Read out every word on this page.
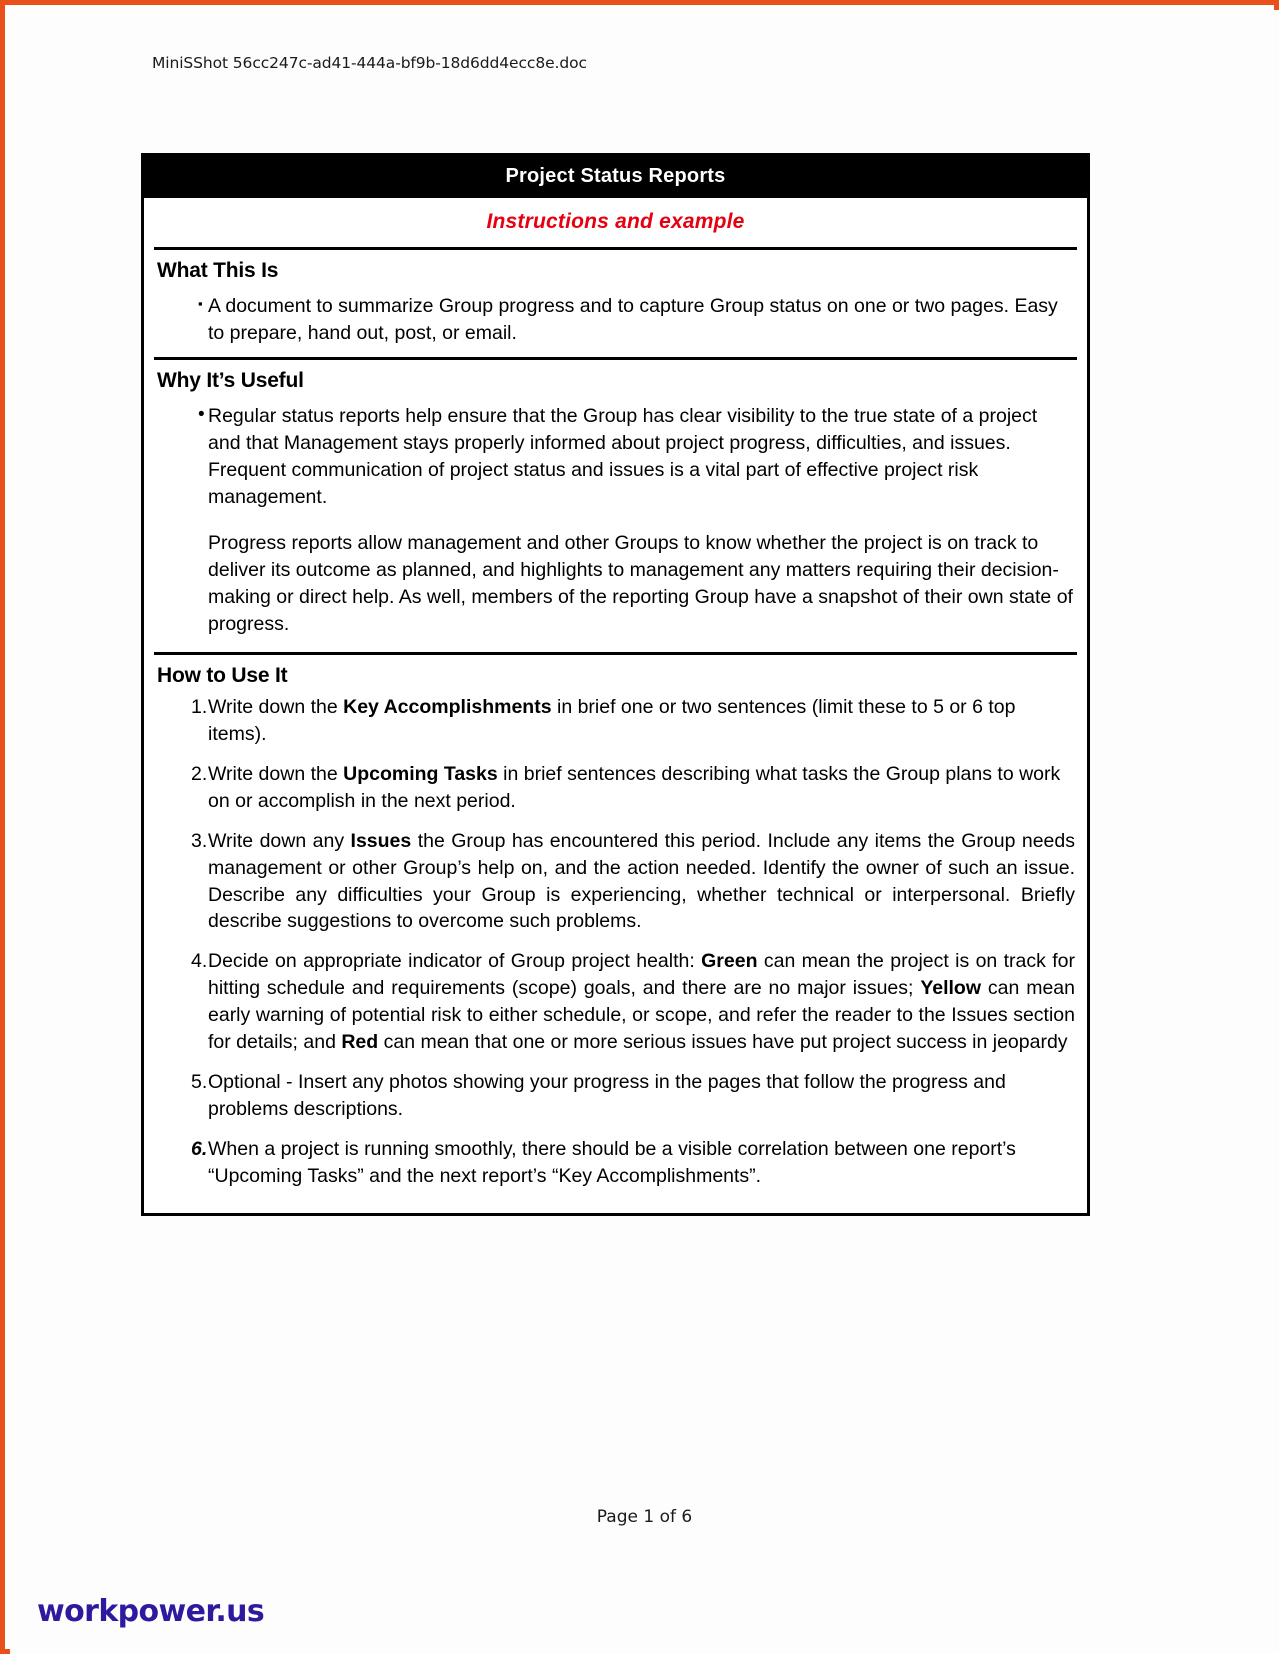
MiniSShot 56cc247c-ad41-444a-bf9b-18d6dd4ecc8e.doc
Project Status Reports
Instructions and example
What This Is
▪ A document to summarize Group progress and to capture Group status on one or two pages. Easy to prepare, hand out, post, or email.
Why It’s Useful
• Regular status reports help ensure that the Group has clear visibility to the true state of a project and that Management stays properly informed about project progress, difficulties, and issues. Frequent communication of project status and issues is a vital part of effective project risk management.
Progress reports allow management and other Groups to know whether the project is on track to deliver its outcome as planned, and highlights to management any matters requiring their decision-making or direct help. As well, members of the reporting Group have a snapshot of their own state of progress.
How to Use It
1. Write down the Key Accomplishments in brief one or two sentences (limit these to 5 or 6 top items).
2. Write down the Upcoming Tasks in brief sentences describing what tasks the Group plans to work on or accomplish in the next period.
3. Write down any Issues the Group has encountered this period. Include any items the Group needs management or other Group’s help on, and the action needed. Identify the owner of such an issue. Describe any difficulties your Group is experiencing, whether technical or interpersonal. Briefly describe suggestions to overcome such problems.
4. Decide on appropriate indicator of Group project health: Green can mean the project is on track for hitting schedule and requirements (scope) goals, and there are no major issues; Yellow can mean early warning of potential risk to either schedule, or scope, and refer the reader to the Issues section for details; and Red can mean that one or more serious issues have put project success in jeopardy
5. Optional - Insert any photos showing your progress in the pages that follow the progress and problems descriptions.
6. When a project is running smoothly, there should be a visible correlation between one report’s “Upcoming Tasks” and the next report’s “Key Accomplishments”.
Page 1 of 6
workpower.us
